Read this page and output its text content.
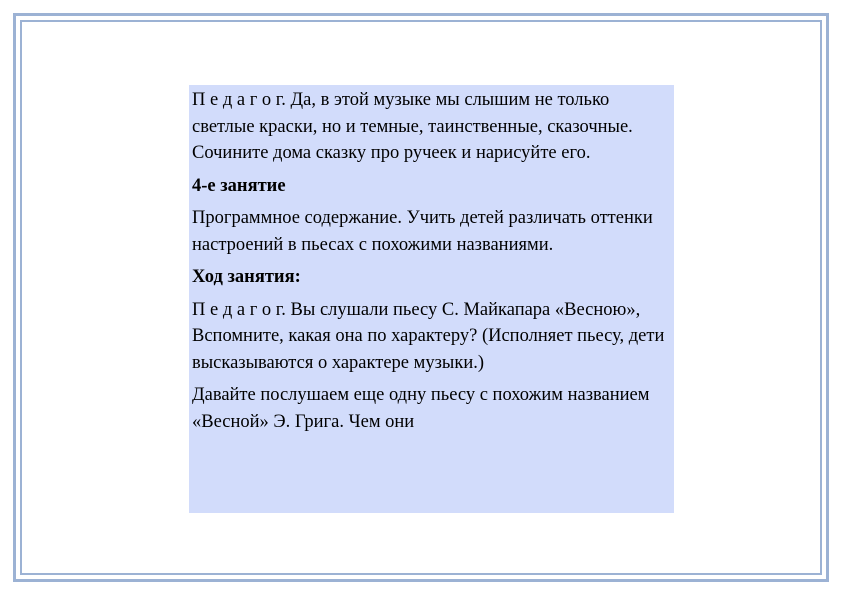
П е д а г о г. Да, в этой музыке мы слышим не только светлые краски, но и темные, таинственные, сказочные. Сочините дома сказку про ручеек и нарисуйте его.

4-е занятие

Программное содержание. Учить детей различать оттенки настроений в пьесах с похожими названиями.

Ход занятия:

П е д а г о г. Вы слушали пьесу С. Майкапара «Весною», Вспомните, какая она по характеру? (Исполняет пьесу, дети высказываются о характере музыки.)

Давайте послушаем еще одну пьесу с похожим названием «Весной» Э. Грига. Чем они
